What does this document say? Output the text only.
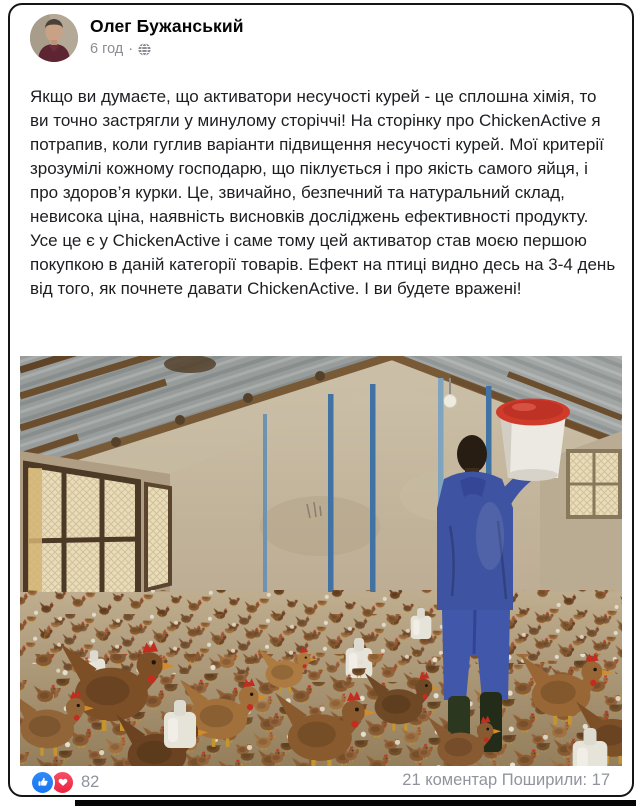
Олег Бужанський
6 год ·
Якщо ви думаєте, що активатори несучості курей - це сплошна хімія, то ви точно застрягли у минулому сторіччі! На сторінку про ChickenActive я потрапив, коли гуглив варіанти підвищення несучості курей. Мої критерії зрозумілі кожному господарю, що піклується і про якість самого яйця, і про здоров’я курки. Це, звичайно, безпечний та натуральний склад, невисока ціна, наявність висновків досліджень ефективності продукту. Усе це є у ChickenActive і саме тому цей активатор став моєю першою покупкою в даній категорії товарів. Ефект на птиці видно десь на 3-4 день від того, як почнете давати ChickenActive. І ви будете вражені!
82	21 коментар Поширили: 17
